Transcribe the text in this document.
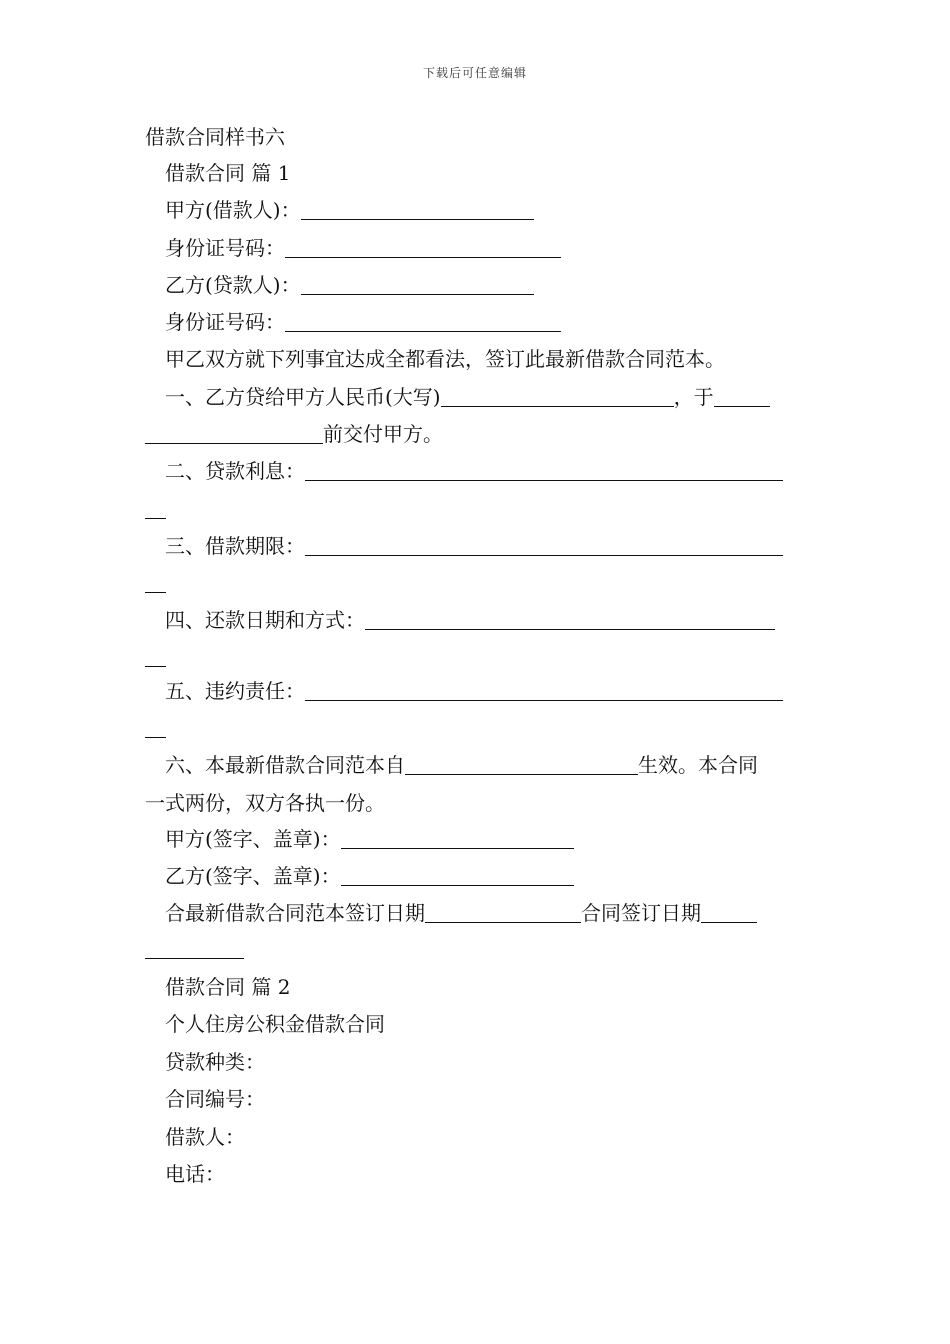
下载后可任意编辑
借款合同样书六
借款合同 篇 1
甲方(借款人)：
身份证号码：
乙方(贷款人)：
身份证号码：
甲乙双方就下列事宜达成全都看法，签订此最新借款合同范本。
一、乙方贷给甲方人民币(大写)	，于
前交付甲方。
二、贷款利息：
三、借款期限：
四、还款日期和方式：
五、违约责任：
六、本最新借款合同范本自	生效。本合同
一式两份，双方各执一份。
甲方(签字、盖章)：
乙方(签字、盖章)：
合最新借款合同范本签订日期	合同签订日期
借款合同 篇 2
个人住房公积金借款合同
贷款种类：
合同编号：
借款人：
电话：
